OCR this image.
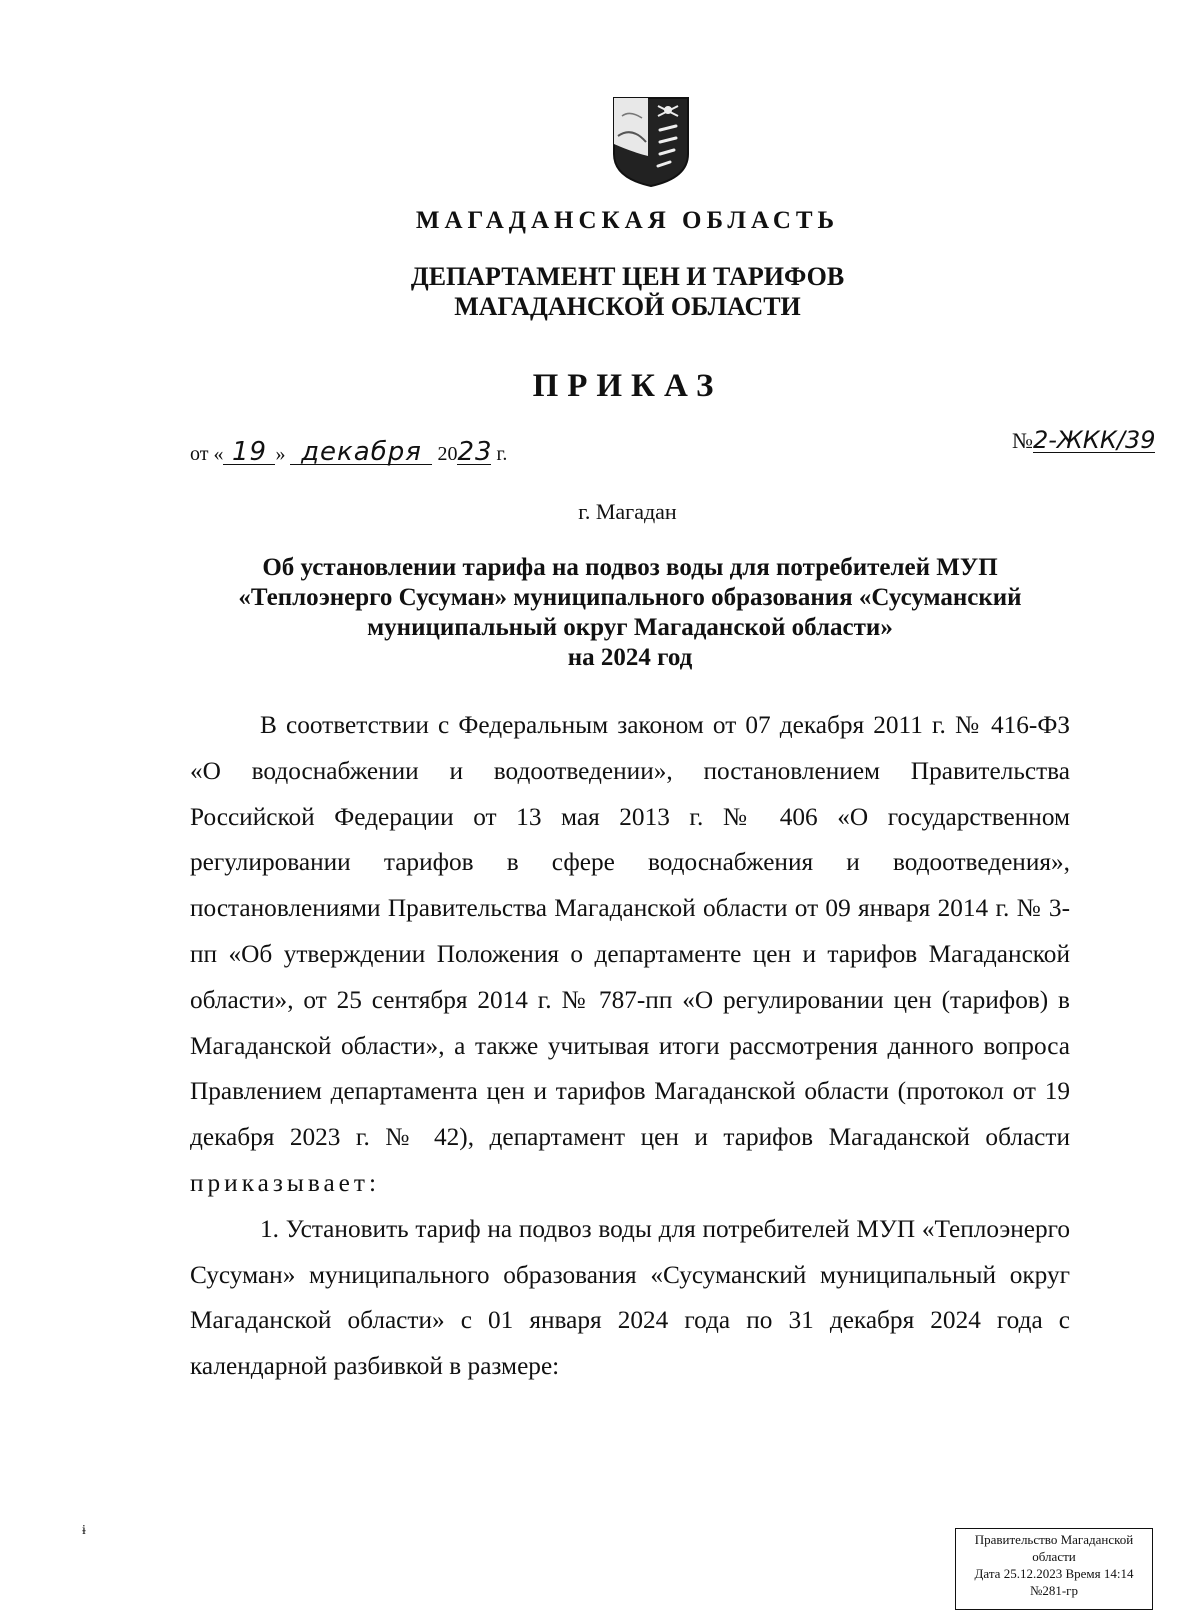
МАГАДАНСКАЯ ОБЛАСТЬ
ДЕПАРТАМЕНТ ЦЕН И ТАРИФОВ
МАГАДАНСКОЙ ОБЛАСТИ
ПРИКАЗ
от « 19 » декабря 2023 г.
№2-ЖКК/39
г. Магадан
Об установлении тарифа на подвоз воды для потребителей МУП
«Теплоэнерго Сусуман» муниципального образования «Сусуманский
муниципальный округ Магаданской области»
на 2024 год

В соответствии с Федеральным законом от 07 декабря 2011 г. № 416-ФЗ «О водоснабжении и водоотведении», постановлением Правительства Российской Федерации от 13 мая 2013 г. № 406 «О государственном регулировании тарифов в сфере водоснабжения и водоотведения», постановлениями Правительства Магаданской области от 09 января 2014 г. № 3-пп «Об утверждении Положения о департаменте цен и тарифов Магаданской области», от 25 сентября 2014 г. № 787-пп «О регулировании цен (тарифов) в Магаданской области», а также учитывая итоги рассмотрения данного вопроса Правлением департамента цен и тарифов Магаданской области (протокол от 19 декабря 2023 г. № 42), департамент цен и тарифов Магаданской области приказывает:

1. Установить тариф на подвоз воды для потребителей МУП «Теплоэнерго Сусуман» муниципального образования «Сусуманский муниципальный округ Магаданской области» с 01 января 2024 года по 31 декабря 2024 года с календарной разбивкой в размере:

ɨ
Правительство Магаданской
области
Дата 25.12.2023 Время 14:14
№281-гр
